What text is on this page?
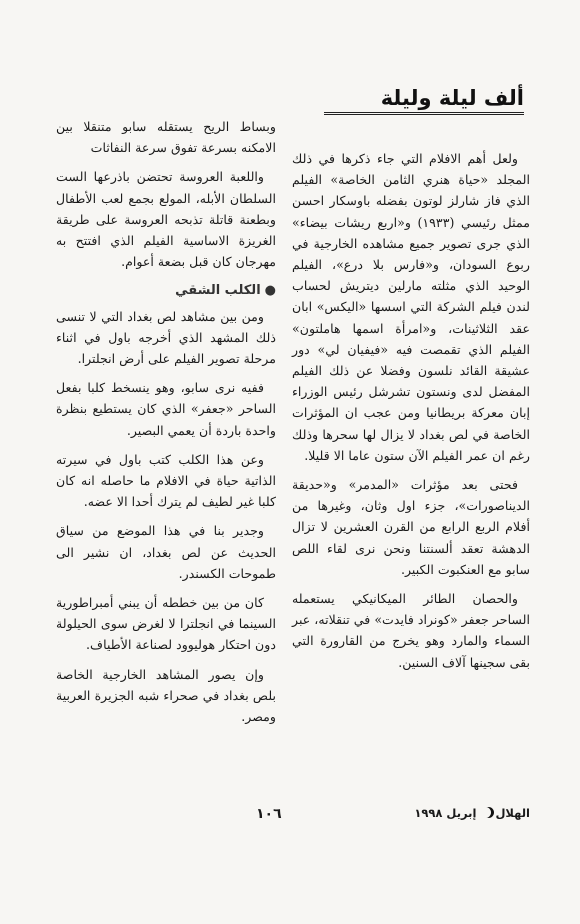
ألف ليلة وليلة

ولعل أهم الافلام التي جاء ذكرها في ذلك المجلد «حياة هنري الثامن الخاصة» الفيلم الذي فاز شارلز لوتون بفضله باوسكار احسن ممثل رئيسي (١٩٣٣) و«اربع ريشات بيضاء» الذي جرى تصوير جميع مشاهده الخارجية في ربوع السودان، و«فارس بلا درع»، الفيلم الوحيد الذي مثلته مارلين ديتريش لحساب لندن فيلم الشركة التي اسسها «اليكس» ابان عقد الثلاثينات، و«امرأة اسمها هاملتون» الفيلم الذي تقمصت فيه «فيفيان لي» دور عشيقة القائد نلسون وفضلا عن ذلك الفيلم المفضل لدى ونستون تشرشل رئيس الوزراء إبان معركة بريطانيا ومن عجب ان المؤثرات الخاصة في لص بغداد لا يزال لها سحرها وذلك رغم ان عمر الفيلم الآن ستون عاما الا قليلا.

فحتى بعد مؤثرات «المدمر» و«حديقة الديناصورات»، جزء اول وثان، وغيرها من أفلام الربع الرابع من القرن العشرين لا تزال الدهشة تعقد ألسنتنا ونحن نرى لقاء اللص سابو مع العنكبوت الكبير.

والحصان الطائر الميكانيكي يستعمله الساحر جعفر «كونراد فايدت» في تنقلاته، عبر السماء والمارد وهو يخرج من القارورة التي بقى سجينها آلاف السنين.

وبساط الريح يستقله سابو متنقلا بين الامكنه بسرعة تفوق سرعة النفاثات

واللعبة العروسة تحتضن باذرعها الست السلطان الأبله، المولع بجمع لعب الأطفال وبطعنة قاتلة تذبحه العروسة على طريقة الغريزة الاساسية الفيلم الذي افتتح به مهرجان كان قبل بضعة أعوام.

●الكلب الشقي

ومن بين مشاهد لص بغداد التي لا تنسى ذلك المشهد الذي أخرجه باول في اثناء مرحلة تصوير الفيلم على أرض انجلترا.

ففيه نرى سابو، وهو ينسخط كلبا بفعل الساحر «جعفر» الذي كان يستطيع بنظرة واحدة باردة أن يعمي البصير.

وعن هذا الكلب كتب باول في سيرته الذاتية حياة في الافلام ما حاصله انه كان كلبا غير لطيف لم يترك أحدا الا عضه.

وجدير بنا في هذا الموضع من سياق الحديث عن لص بغداد، ان نشير الى طموحات الكسندر.

كان من بين خططه أن يبني أمبراطورية السينما في انجلترا لا لغرض سوى الحيلولة دون احتكار هوليوود لصناعة الأطياف.

وإن يصور المشاهد الخارجية الخاصة بلص بغداد في صحراء شبه الجزيرة العربية ومصر.

١٠٦	الهلالإبريل ١٩٩٨
